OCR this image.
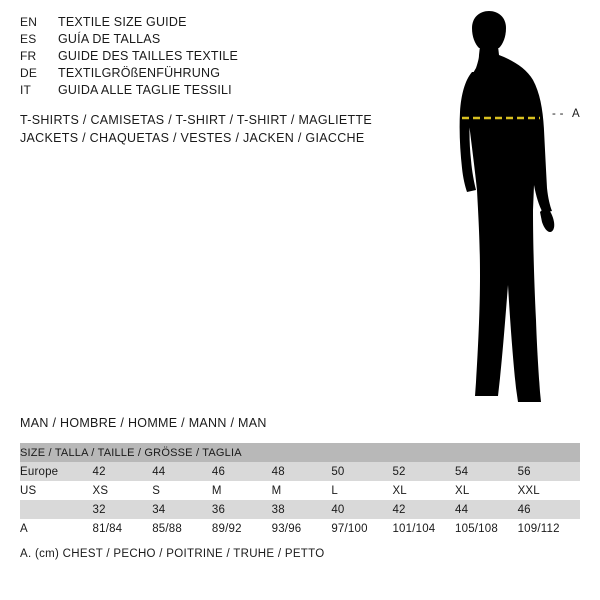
EN	TEXTILE SIZE GUIDE
ES	GUÍA DE TALLAS
FR	GUIDE DES TAILLES TEXTILE
DE	TEXTILGRÖßENFÜHRUNG
IT	GUIDA ALLE TAGLIE TESSILI
T-SHIRTS / CAMISETAS / T-SHIRT / T-SHIRT / MAGLIETTE
JACKETS / CHAQUETAS / VESTES / JACKEN / GIACCHE
- - A
MAN / HOMBRE / HOMME / MANN / MAN
SIZE / TALLA / TAILLE / GRÖSSE / TAGLIA								
Europe	42	44	46	48	50	52	54	56
US	XS	S	M	M	L	XL	XL	XXL
	32	34	36	38	40	42	44	46
A	81/84	85/88	89/92	93/96	97/100	101/104	105/108	109/112
A. (cm) CHEST / PECHO / POITRINE / TRUHE / PETTO
